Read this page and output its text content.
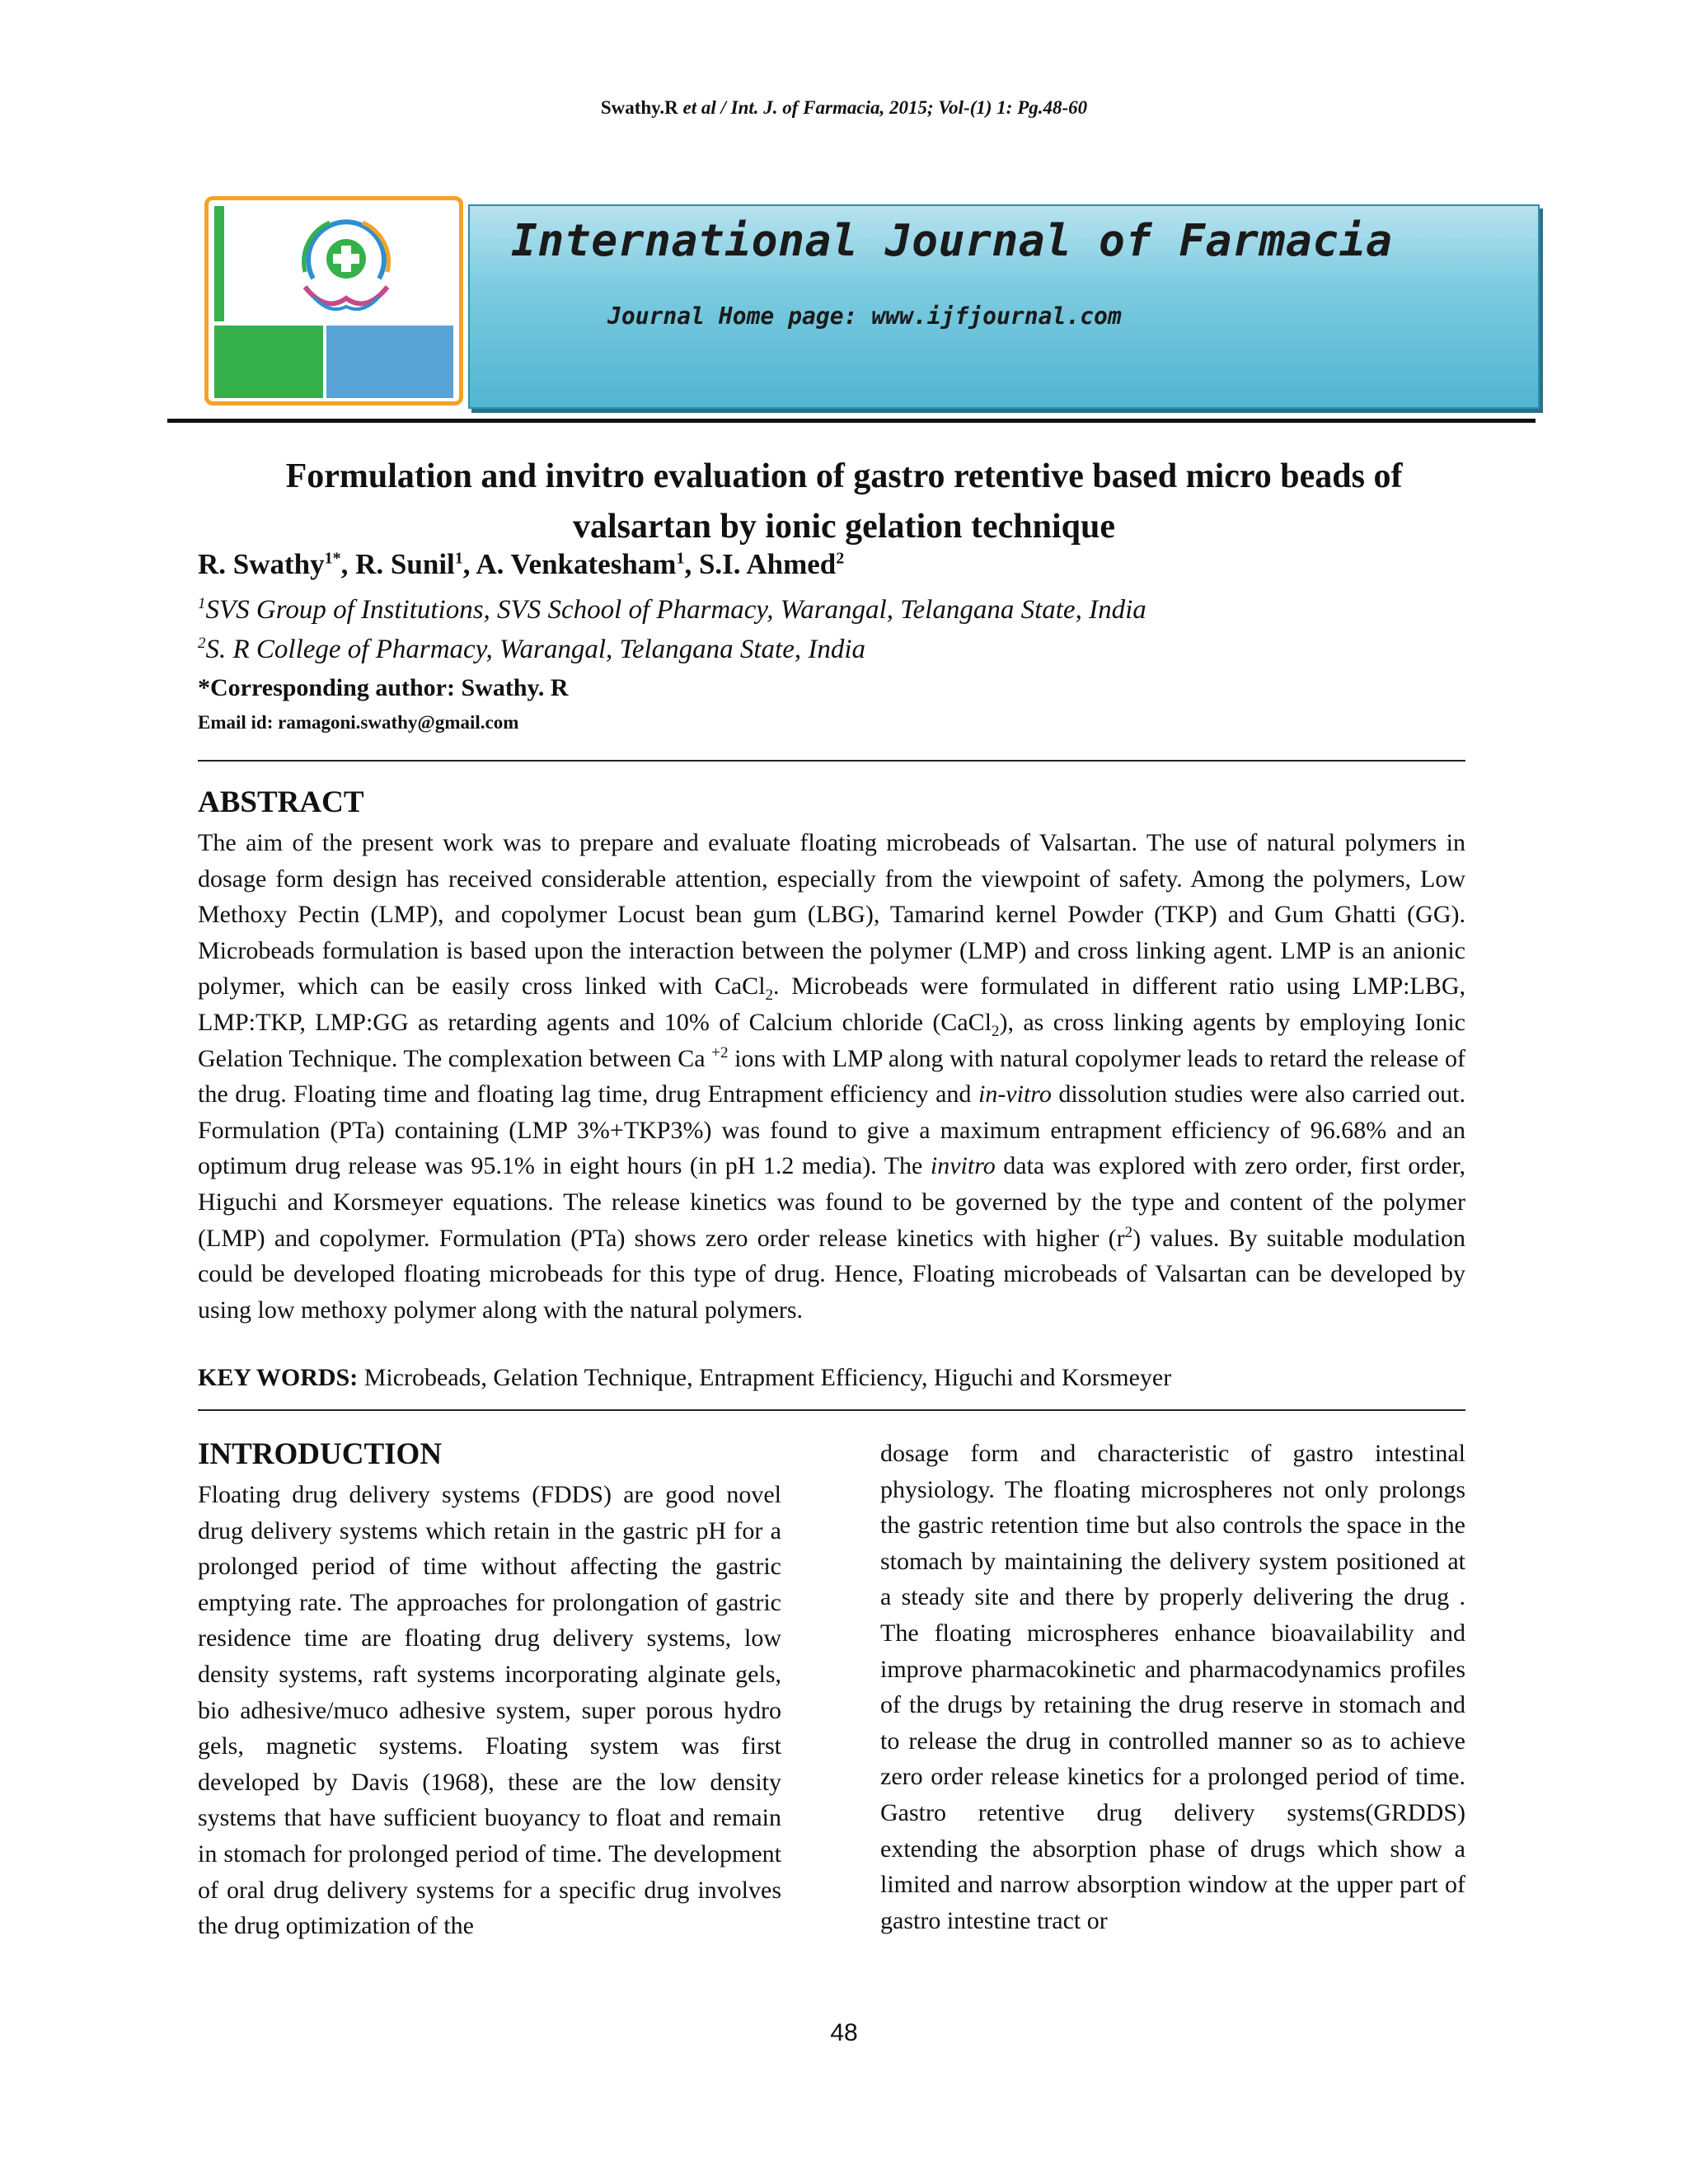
Swathy.R et al / Int. J. of Farmacia, 2015; Vol-(1) 1: Pg.48-60
International Journal of Farmacia
Journal Home page: www.ijfjournal.com
Formulation and invitro evaluation of gastro retentive based micro beads of
valsartan by ionic gelation technique
R. Swathy$^{1*}$, R. Sunil$^1$, A. Venkatesham$^1$, S.I. Ahmed$^2$
$^1$SVS Group of Institutions, SVS School of Pharmacy, Warangal, Telangana State, India
$^2$S. R College of Pharmacy, Warangal, Telangana State, India
*Corresponding author: Swathy. R
Email id: ramagoni.swathy@gmail.com
ABSTRACT
The aim of the present work was to prepare and evaluate floating microbeads of Valsartan. The use of natural polymers in dosage form design has received considerable attention, especially from the viewpoint of safety. Among the polymers, Low Methoxy Pectin (LMP), and copolymer Locust bean gum (LBG), Tamarind kernel Powder (TKP) and Gum Ghatti (GG). Microbeads formulation is based upon the interaction between the polymer (LMP) and cross linking agent. LMP is an anionic polymer, which can be easily cross linked with CaCl$_2$. Microbeads were formulated in different ratio using LMP:LBG, LMP:TKP, LMP:GG as retarding agents and 10% of Calcium chloride (CaCl$_2$), as cross linking agents by employing Ionic Gelation Technique. The complexation between Ca $^{+2}$ ions with LMP along with natural copolymer leads to retard the release of the drug. Floating time and floating lag time, drug Entrapment efficiency and in-vitro dissolution studies were also carried out. Formulation (PTa) containing (LMP 3%+TKP3%) was found to give a maximum entrapment efficiency of 96.68% and an optimum drug release was 95.1% in eight hours (in pH 1.2 media). The invitro data was explored with zero order, first order, Higuchi and Korsmeyer equations. The release kinetics was found to be governed by the type and content of the polymer (LMP) and copolymer. Formulation (PTa) shows zero order release kinetics with higher $(r^2)$ values. By suitable modulation could be developed floating microbeads for this type of drug. Hence, Floating microbeads of Valsartan can be developed by using low methoxy polymer along with the natural polymers.
KEY WORDS: Microbeads, Gelation Technique, Entrapment Efficiency, Higuchi and Korsmeyer
INTRODUCTION
Floating drug delivery systems (FDDS) are good novel drug delivery systems which retain in the gastric pH for a prolonged period of time without affecting the gastric emptying rate. The approaches for prolongation of gastric residence time are floating drug delivery systems, low density systems, raft systems incorporating alginate gels, bio adhesive/muco adhesive system, super porous hydro gels, magnetic systems. Floating system was first developed by Davis (1968), these are the low density systems that have sufficient buoyancy to float and remain in stomach for prolonged period of time. The development of oral drug delivery systems for a specific drug involves the drug optimization of the
dosage form and characteristic of gastro intestinal physiology. The floating microspheres not only prolongs the gastric retention time but also controls the space in the stomach by maintaining the delivery system positioned at a steady site and there by properly delivering the drug . The floating microspheres enhance bioavailability and improve pharmacokinetic and pharmacodynamics profiles of the drugs by retaining the drug reserve in stomach and to release the drug in controlled manner so as to achieve zero order release kinetics for a prolonged period of time. Gastro retentive drug delivery systems(GRDDS) extending the absorption phase of drugs which show a limited and narrow absorption window at the upper part of gastro intestine tract or
48
